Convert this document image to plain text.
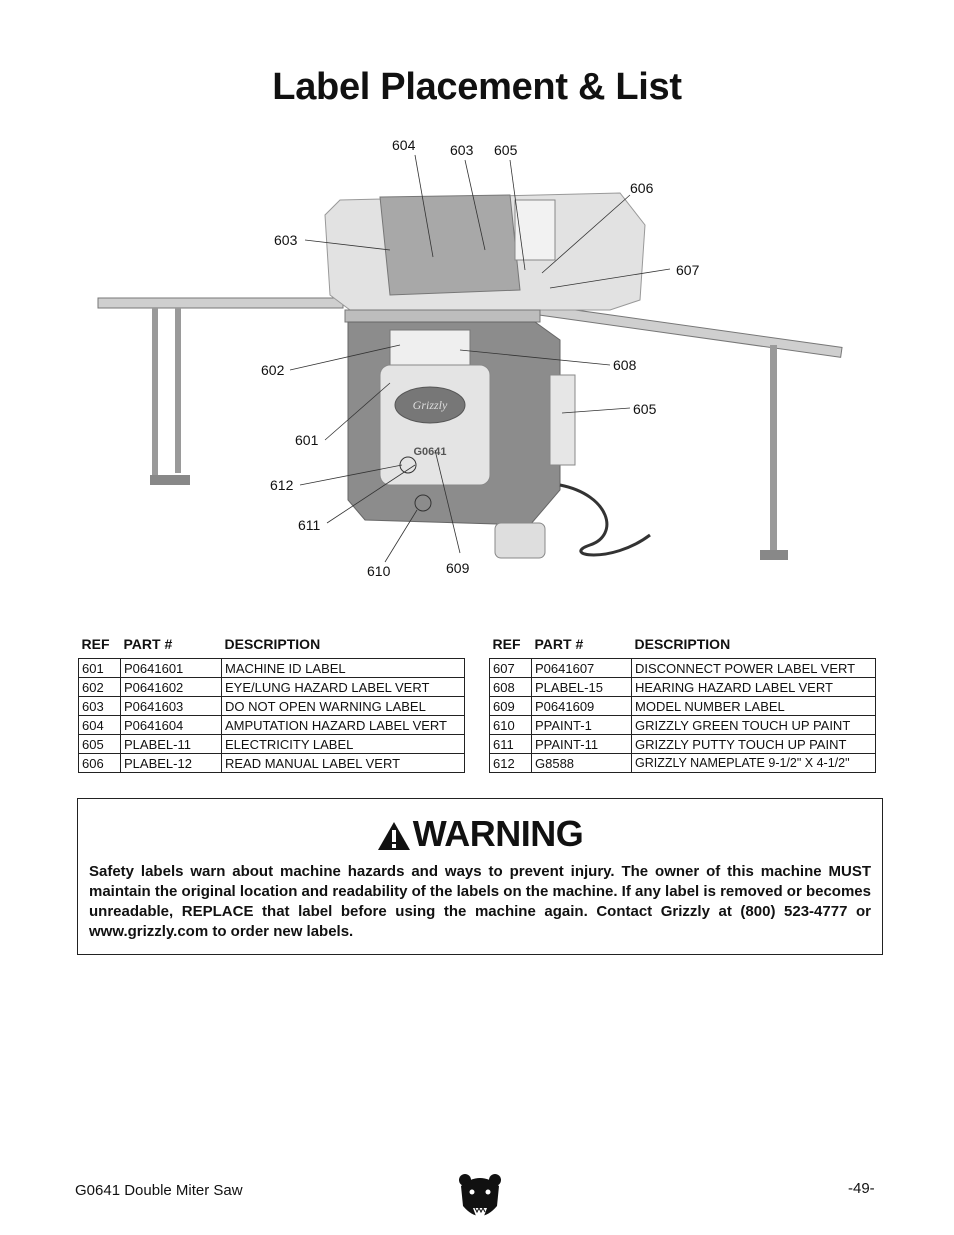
Label Placement & List
Grizzly
G0641
604 603 605
606
603
607
602	608
605
601
612
611
610	609
REF	PART #	DESCRIPTION
601	P0641601	MACHINE ID LABEL
602	P0641602	EYE/LUNG HAZARD LABEL VERT
603	P0641603	DO NOT OPEN WARNING LABEL
604	P0641604	AMPUTATION HAZARD LABEL VERT
605	PLABEL-11	ELECTRICITY LABEL
606	PLABEL-12	READ MANUAL LABEL VERT
REF	PART #	DESCRIPTION
607	P0641607	DISCONNECT POWER LABEL VERT
608	PLABEL-15	HEARING HAZARD LABEL VERT
609	P0641609	MODEL NUMBER LABEL
610	PPAINT-1	GRIZZLY GREEN TOUCH UP PAINT
611	PPAINT-11	GRIZZLY PUTTY TOUCH UP PAINT
612	G8588	GRIZZLY NAMEPLATE 9-1/2" X 4-1/2"
WARNING
Safety labels warn about machine hazards and ways to prevent injury. The owner of this machine MUST maintain the original location and readability of the labels on the machine. If any label is removed or becomes unreadable, REPLACE that label before using the machine again. Contact Grizzly at (800) 523-4777 or www.grizzly.com to order new labels.
G0641 Double Miter Saw	-49-
